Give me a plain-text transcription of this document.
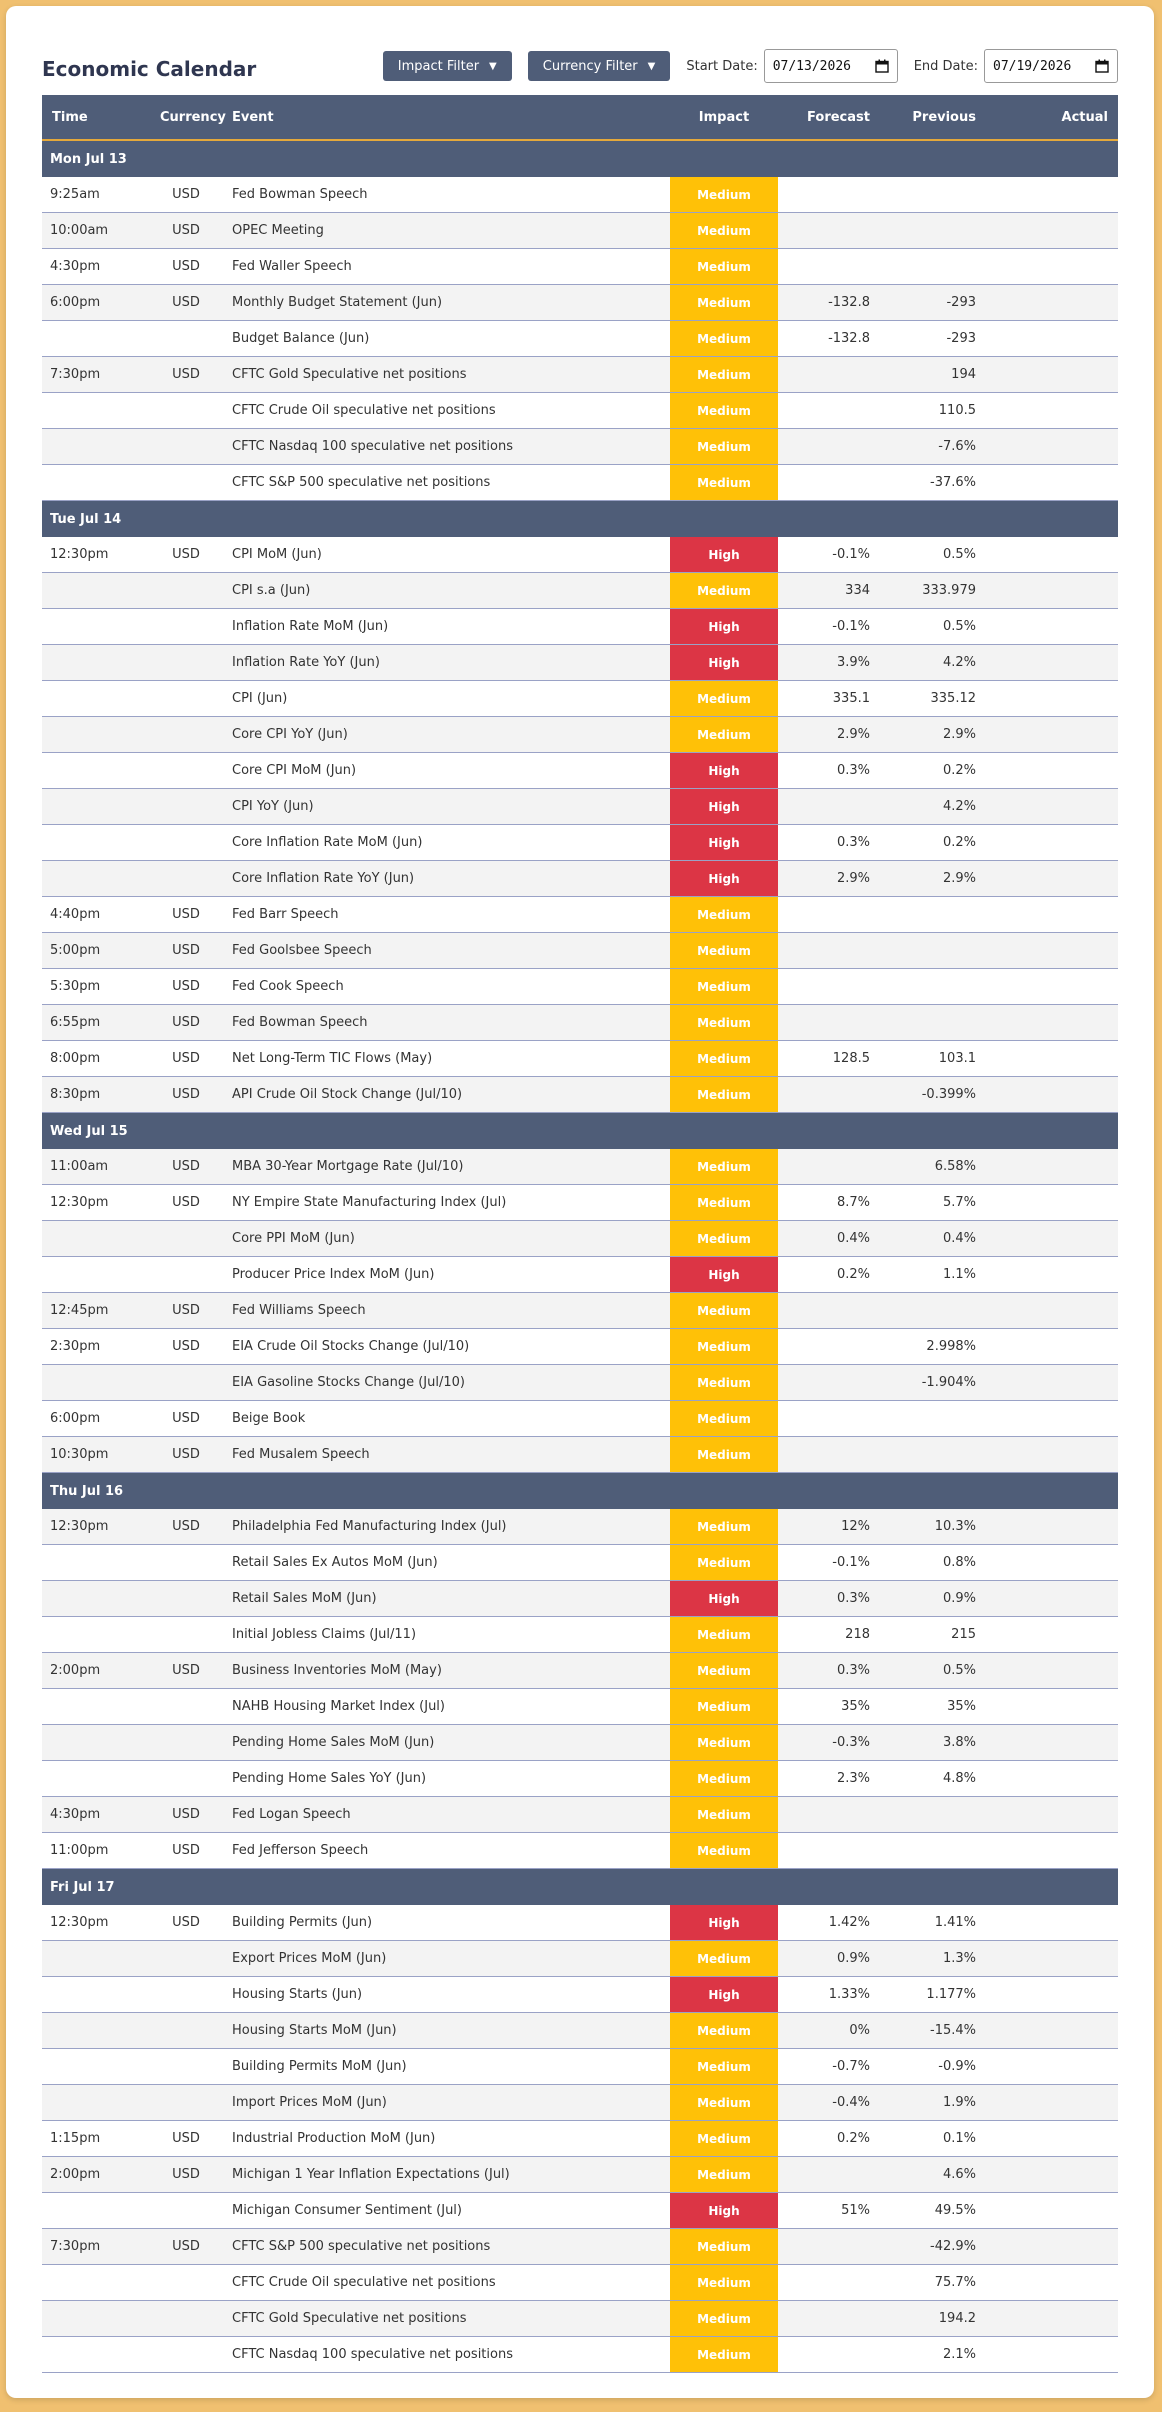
Economic Calendar	Impact Filter ▼	Currency Filter ▼ Start Date: 07/13/2026	End Date: 07/19/2026
Time	Currency	Event	Impact	Forecast	Previous	Actual
Mon Jul 13						
9:25am	USD	Fed Bowman Speech	Medium			
10:00am	USD	OPEC Meeting	Medium			
4:30pm	USD	Fed Waller Speech	Medium			
6:00pm	USD	Monthly Budget Statement (Jun)	Medium	-132.8	-293	
		Budget Balance (Jun)	Medium	-132.8	-293	
7:30pm	USD	CFTC Gold Speculative net positions	Medium		194	
		CFTC Crude Oil speculative net positions	Medium		110.5	
		CFTC Nasdaq 100 speculative net positions	Medium		-7.6%	
		CFTC S&P 500 speculative net positions	Medium		-37.6%	
Tue Jul 14						
12:30pm	USD	CPI MoM (Jun)	High	-0.1%	0.5%	
		CPI s.a (Jun)	Medium	334	333.979	
		Inflation Rate MoM (Jun)	High	-0.1%	0.5%	
		Inflation Rate YoY (Jun)	High	3.9%	4.2%	
		CPI (Jun)	Medium	335.1	335.12	
		Core CPI YoY (Jun)	Medium	2.9%	2.9%	
		Core CPI MoM (Jun)	High	0.3%	0.2%	
		CPI YoY (Jun)	High		4.2%	
		Core Inflation Rate MoM (Jun)	High	0.3%	0.2%	
		Core Inflation Rate YoY (Jun)	High	2.9%	2.9%	
4:40pm	USD	Fed Barr Speech	Medium			
5:00pm	USD	Fed Goolsbee Speech	Medium			
5:30pm	USD	Fed Cook Speech	Medium			
6:55pm	USD	Fed Bowman Speech	Medium			
8:00pm	USD	Net Long-Term TIC Flows (May)	Medium	128.5	103.1	
8:30pm	USD	API Crude Oil Stock Change (Jul/10)	Medium		-0.399%	
Wed Jul 15						
11:00am	USD	MBA 30-Year Mortgage Rate (Jul/10)	Medium		6.58%	
12:30pm	USD	NY Empire State Manufacturing Index (Jul)	Medium	8.7%	5.7%	
		Core PPI MoM (Jun)	Medium	0.4%	0.4%	
		Producer Price Index MoM (Jun)	High	0.2%	1.1%	
12:45pm	USD	Fed Williams Speech	Medium			
2:30pm	USD	EIA Crude Oil Stocks Change (Jul/10)	Medium		2.998%	
		EIA Gasoline Stocks Change (Jul/10)	Medium		-1.904%	
6:00pm	USD	Beige Book	Medium			
10:30pm	USD	Fed Musalem Speech	Medium			
Thu Jul 16						
12:30pm	USD	Philadelphia Fed Manufacturing Index (Jul)	Medium	12%	10.3%	
		Retail Sales Ex Autos MoM (Jun)	Medium	-0.1%	0.8%	
		Retail Sales MoM (Jun)	High	0.3%	0.9%	
		Initial Jobless Claims (Jul/11)	Medium	218	215	
2:00pm	USD	Business Inventories MoM (May)	Medium	0.3%	0.5%	
		NAHB Housing Market Index (Jul)	Medium	35%	35%	
		Pending Home Sales MoM (Jun)	Medium	-0.3%	3.8%	
		Pending Home Sales YoY (Jun)	Medium	2.3%	4.8%	
4:30pm	USD	Fed Logan Speech	Medium			
11:00pm	USD	Fed Jefferson Speech	Medium			
Fri Jul 17						
12:30pm	USD	Building Permits (Jun)	High	1.42%	1.41%	
		Export Prices MoM (Jun)	Medium	0.9%	1.3%	
		Housing Starts (Jun)	High	1.33%	1.177%	
		Housing Starts MoM (Jun)	Medium	0%	-15.4%	
		Building Permits MoM (Jun)	Medium	-0.7%	-0.9%	
		Import Prices MoM (Jun)	Medium	-0.4%	1.9%	
1:15pm	USD	Industrial Production MoM (Jun)	Medium	0.2%	0.1%	
2:00pm	USD	Michigan 1 Year Inflation Expectations (Jul)	Medium		4.6%	
		Michigan Consumer Sentiment (Jul)	High	51%	49.5%	
7:30pm	USD	CFTC S&P 500 speculative net positions	Medium		-42.9%	
		CFTC Crude Oil speculative net positions	Medium		75.7%	
		CFTC Gold Speculative net positions	Medium		194.2	
		CFTC Nasdaq 100 speculative net positions	Medium		2.1%	
